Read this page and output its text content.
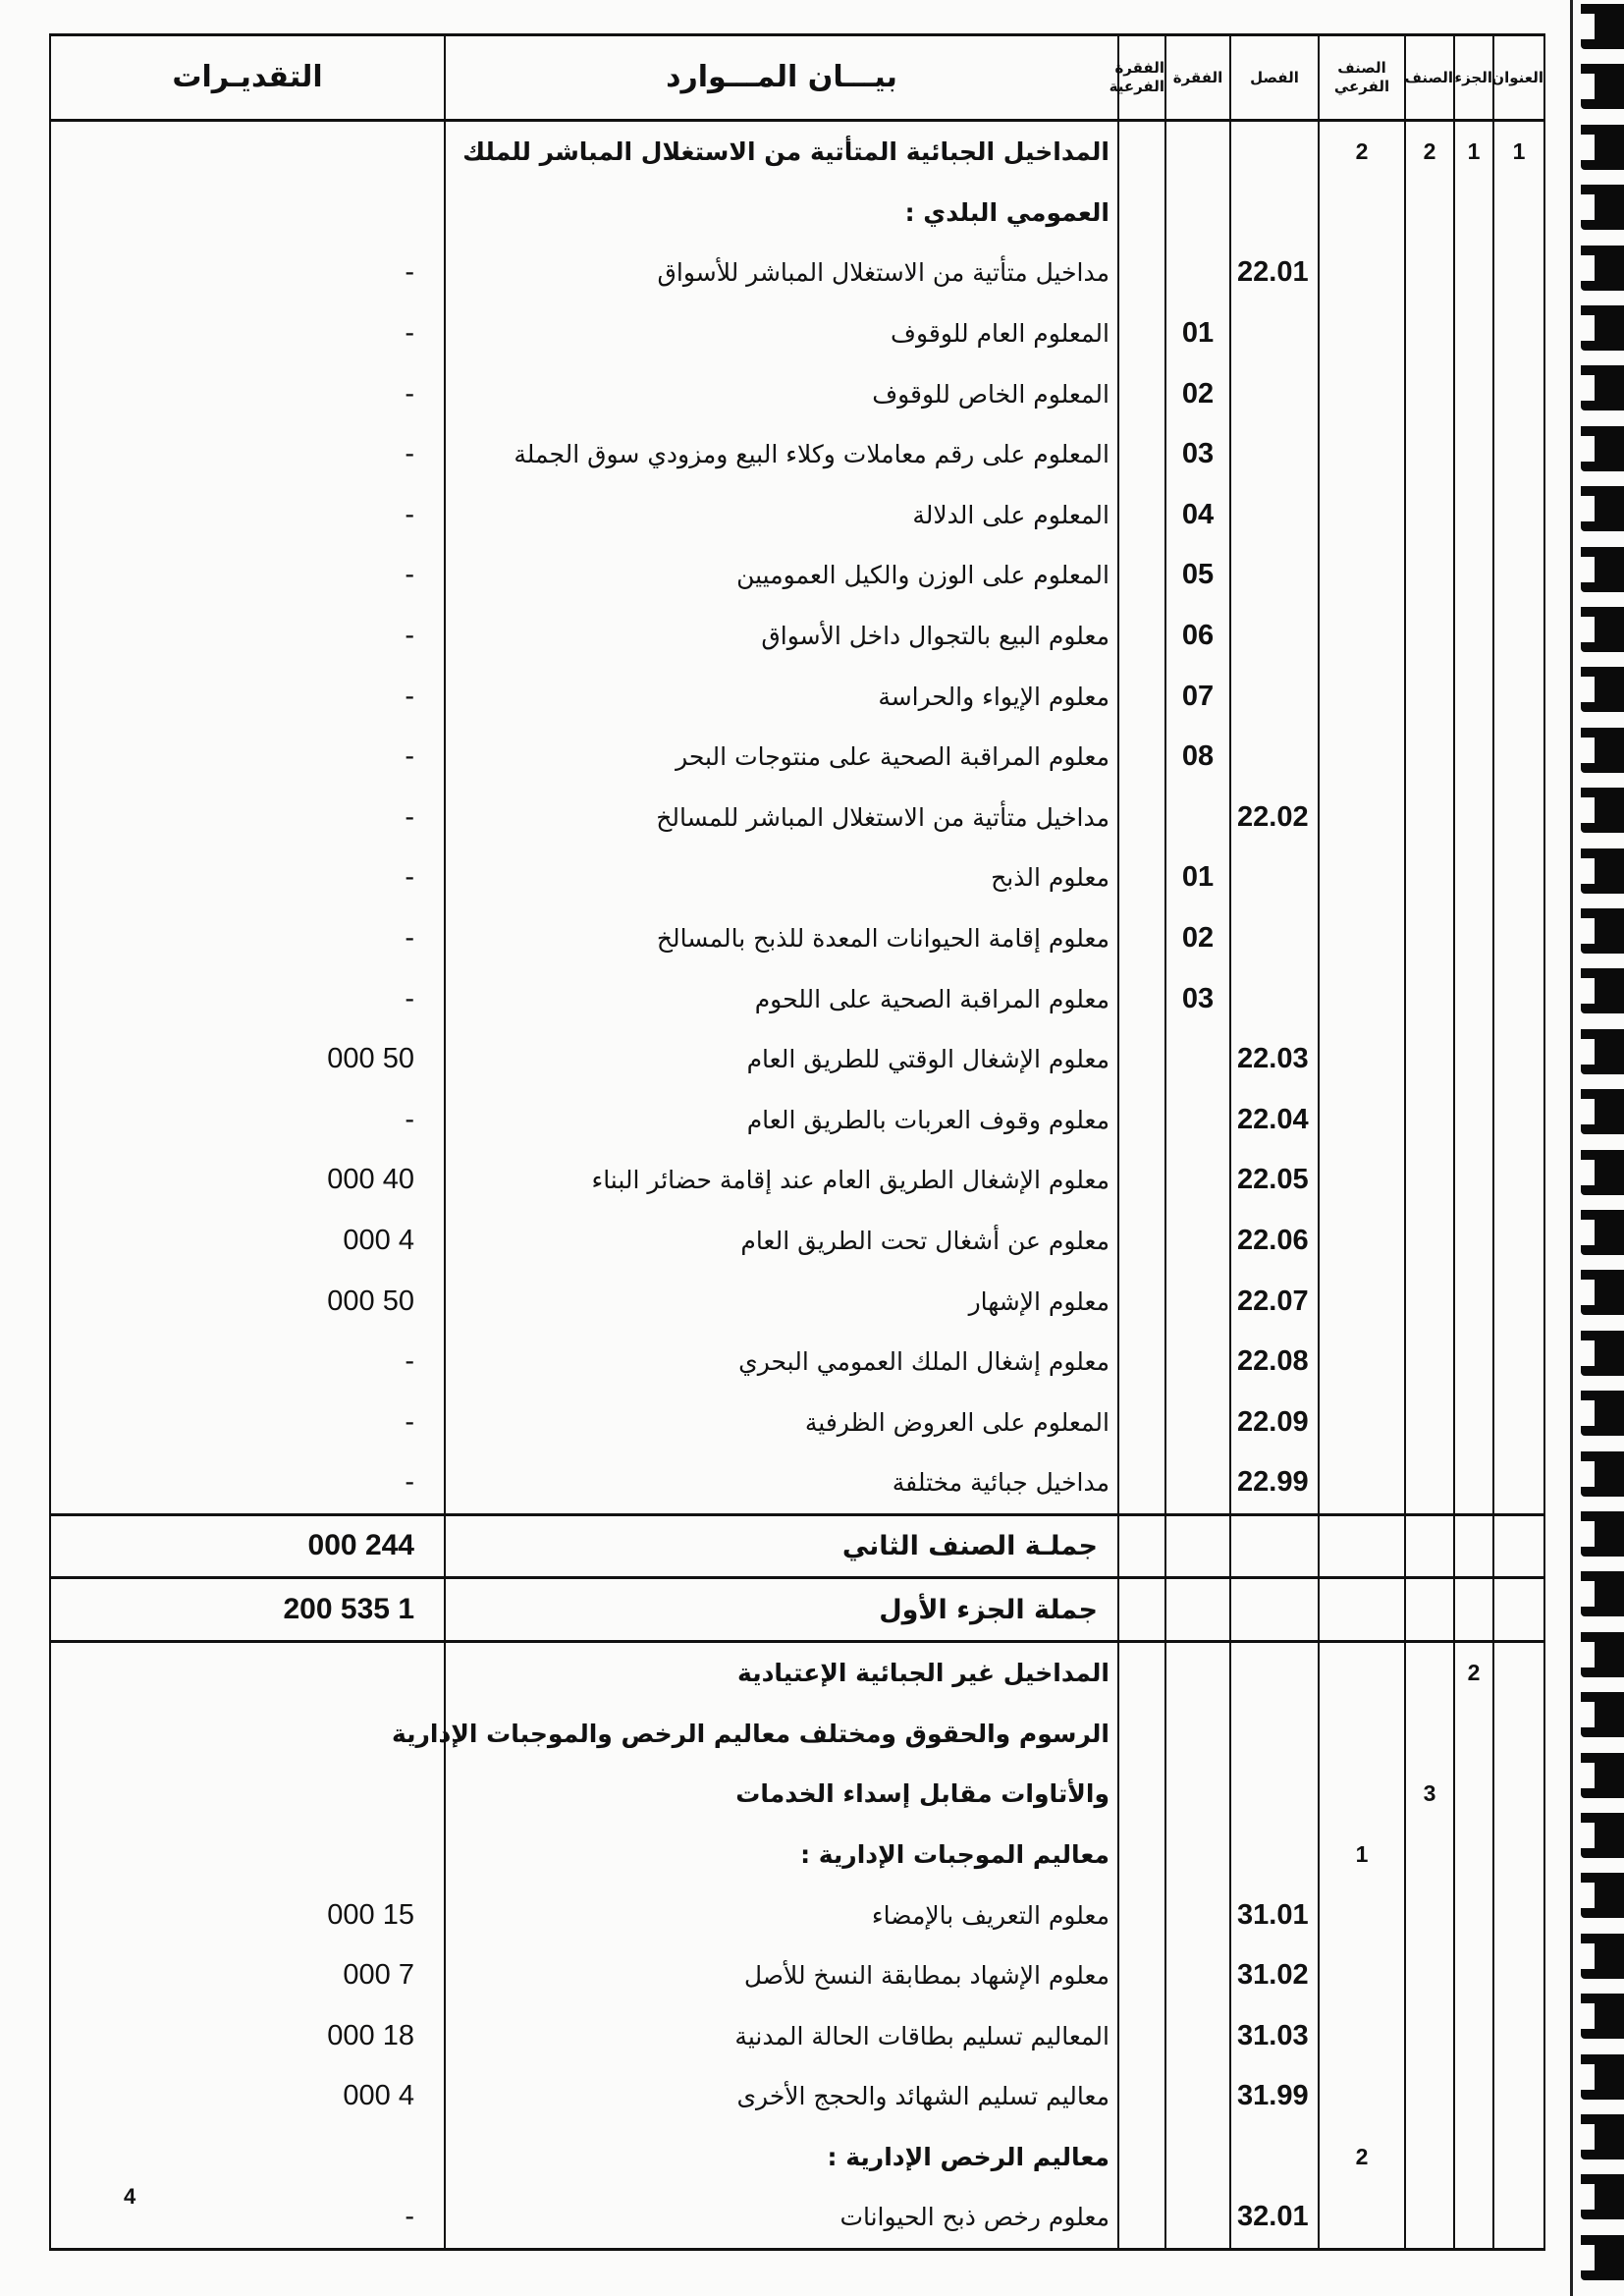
العنوان	الجزء	الصنف	الصنف الفرعي	الفصل	الفقرة	الفقرة الفرعية	بيـــان المـــوارد	التقديـرات
1	1	2	2				المداخيل الجبائية المتأتية من الاستغلال المباشر للملك	
							العمومي البلدي :	
				22.01			مداخيل متأتية من الاستغلال المباشر للأسواق	-
					01		المعلوم العام للوقوف	-
					02		المعلوم الخاص للوقوف	-
					03		المعلوم على رقم معاملات وكلاء البيع ومزودي سوق الجملة	-
					04		المعلوم على الدلالة	-
					05		المعلوم على الوزن والكيل العموميين	-
					06		معلوم البيع بالتجوال داخل الأسواق	-
					07		معلوم الإيواء والحراسة	-
					08		معلوم المراقبة الصحية على منتوجات البحر	-
				22.02			مداخيل متأتية من الاستغلال المباشر للمسالخ	-
					01		معلوم الذبح	-
					02		معلوم إقامة الحيوانات المعدة للذبح بالمسالخ	-
					03		معلوم المراقبة الصحية على اللحوم	-
				22.03			معلوم الإشغال الوقتي للطريق العام	50 000
				22.04			معلوم وقوف العربات بالطريق العام	-
				22.05			معلوم الإشغال الطريق العام عند إقامة حضائر البناء	40 000
				22.06			معلوم عن أشغال تحت الطريق العام	4 000
				22.07			معلوم الإشهار	50 000
				22.08			معلوم إشغال الملك العمومي البحري	-
				22.09			المعلوم على العروض الظرفية	-
				22.99			مداخيل جبائية مختلفة	-
							جملـة الصنف الثاني	244 000
							جملة الجزء الأول	1 535 200
	2						المداخيل غير الجبائية الإعتيادية	
							الرسوم والحقوق ومختلف معاليم الرخص والموجبات الإدارية	
		3					والأتاوات مقابل إسداء الخدمات	
			1				معاليم الموجبات الإدارية :	
				31.01			معلوم التعريف بالإمضاء	15 000
				31.02			معلوم الإشهاد بمطابقة النسخ للأصل	7 000
				31.03			المعاليم تسليم بطاقات الحالة المدنية	18 000
				31.99			معاليم تسليم الشهائد والحجج الأخرى	4 000
			2				معاليم الرخص الإدارية :	
				32.01			معلوم رخص ذبح الحيوانات	-
4
